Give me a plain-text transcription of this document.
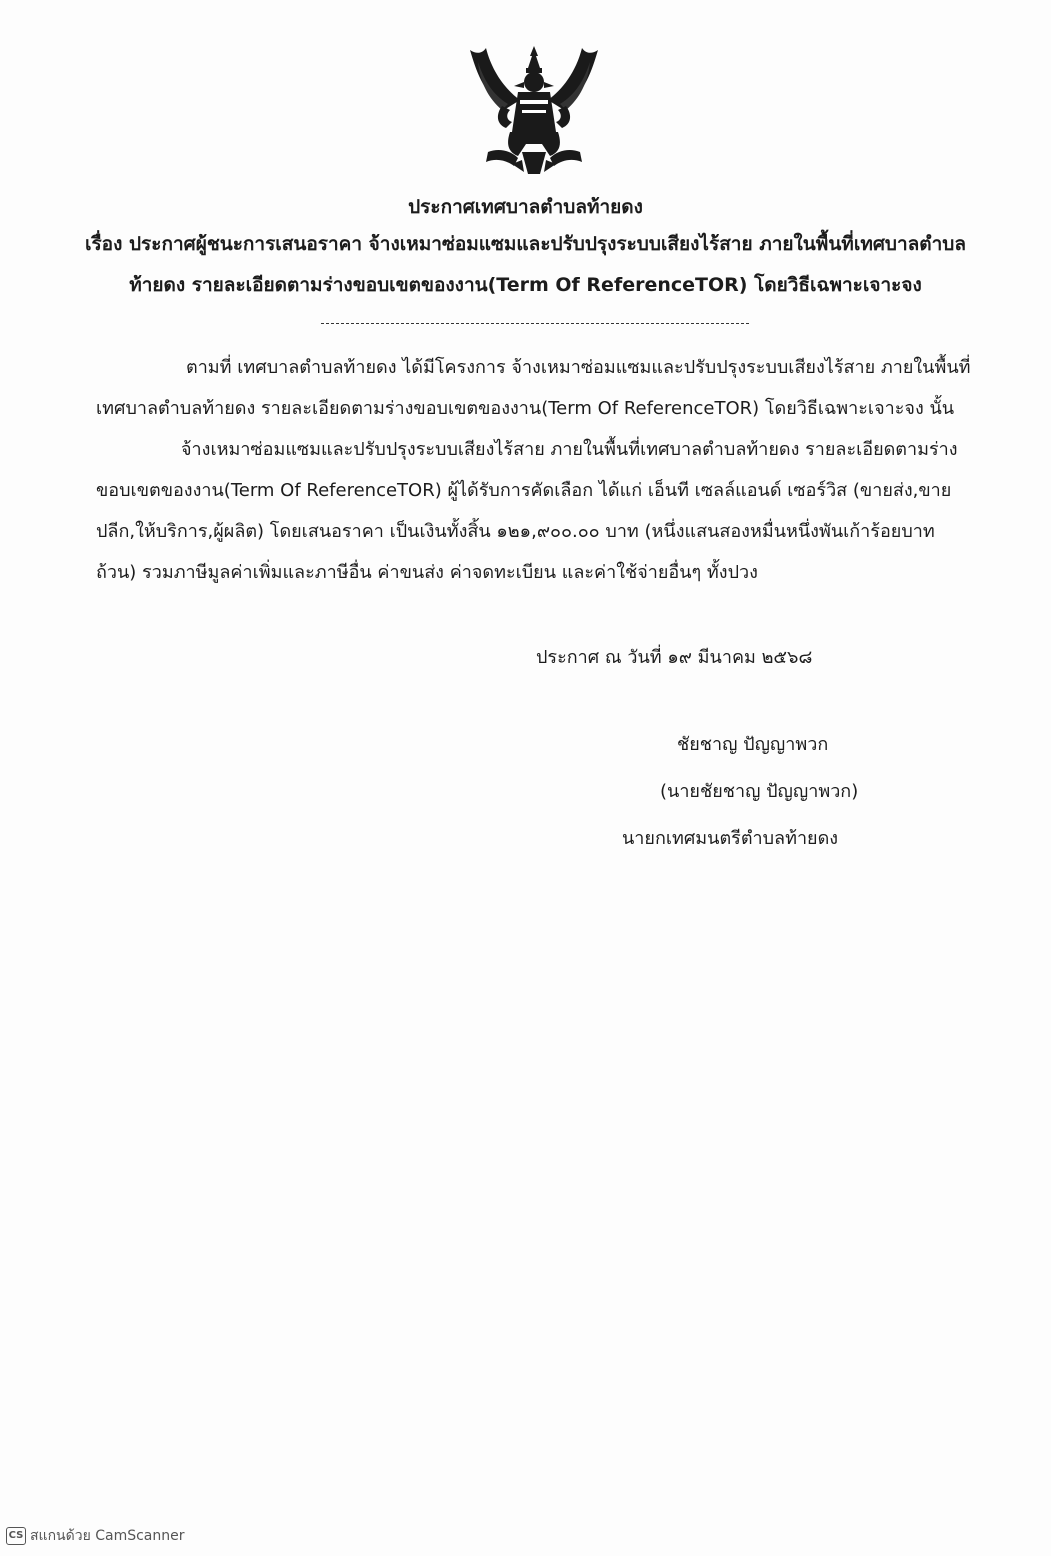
ประกาศเทศบาลตำบลท้ายดง
เรื่อง ประกาศผู้ชนะการเสนอราคา จ้างเหมาซ่อมแซมและปรับปรุงระบบเสียงไร้สาย ภายในพื้นที่เทศบาลตำบล
ท้ายดง รายละเอียดตามร่างขอบเขตของงาน(Term Of ReferenceTOR) โดยวิธีเฉพาะเจาะจง
ตามที่ เทศบาลตำบลท้ายดง ได้มีโครงการ จ้างเหมาซ่อมแซมและปรับปรุงระบบเสียงไร้สาย ภายในพื้นที่
เทศบาลตำบลท้ายดง รายละเอียดตามร่างขอบเขตของงาน(Term Of ReferenceTOR) โดยวิธีเฉพาะเจาะจง นั้น
จ้างเหมาซ่อมแซมและปรับปรุงระบบเสียงไร้สาย ภายในพื้นที่เทศบาลตำบลท้ายดง รายละเอียดตามร่าง
ขอบเขตของงาน(Term Of ReferenceTOR) ผู้ได้รับการคัดเลือก ได้แก่ เอ็นที เซลล์แอนด์ เซอร์วิส (ขายส่ง,ขาย
ปลีก,ให้บริการ,ผู้ผลิต) โดยเสนอราคา เป็นเงินทั้งสิ้น ๑๒๑,๙๐๐.๐๐ บาท (หนึ่งแสนสองหมื่นหนึ่งพันเก้าร้อยบาท
ถ้วน) รวมภาษีมูลค่าเพิ่มและภาษีอื่น ค่าขนส่ง ค่าจดทะเบียน และค่าใช้จ่ายอื่นๆ ทั้งปวง
ประกาศ ณ วันที่ ๑๙ มีนาคม ๒๕๖๘
ชัยชาญ ปัญญาพวก
(นายชัยชาญ ปัญญาพวก)
นายกเทศมนตรีตำบลท้ายดง
CS สแกนด้วย CamScanner
